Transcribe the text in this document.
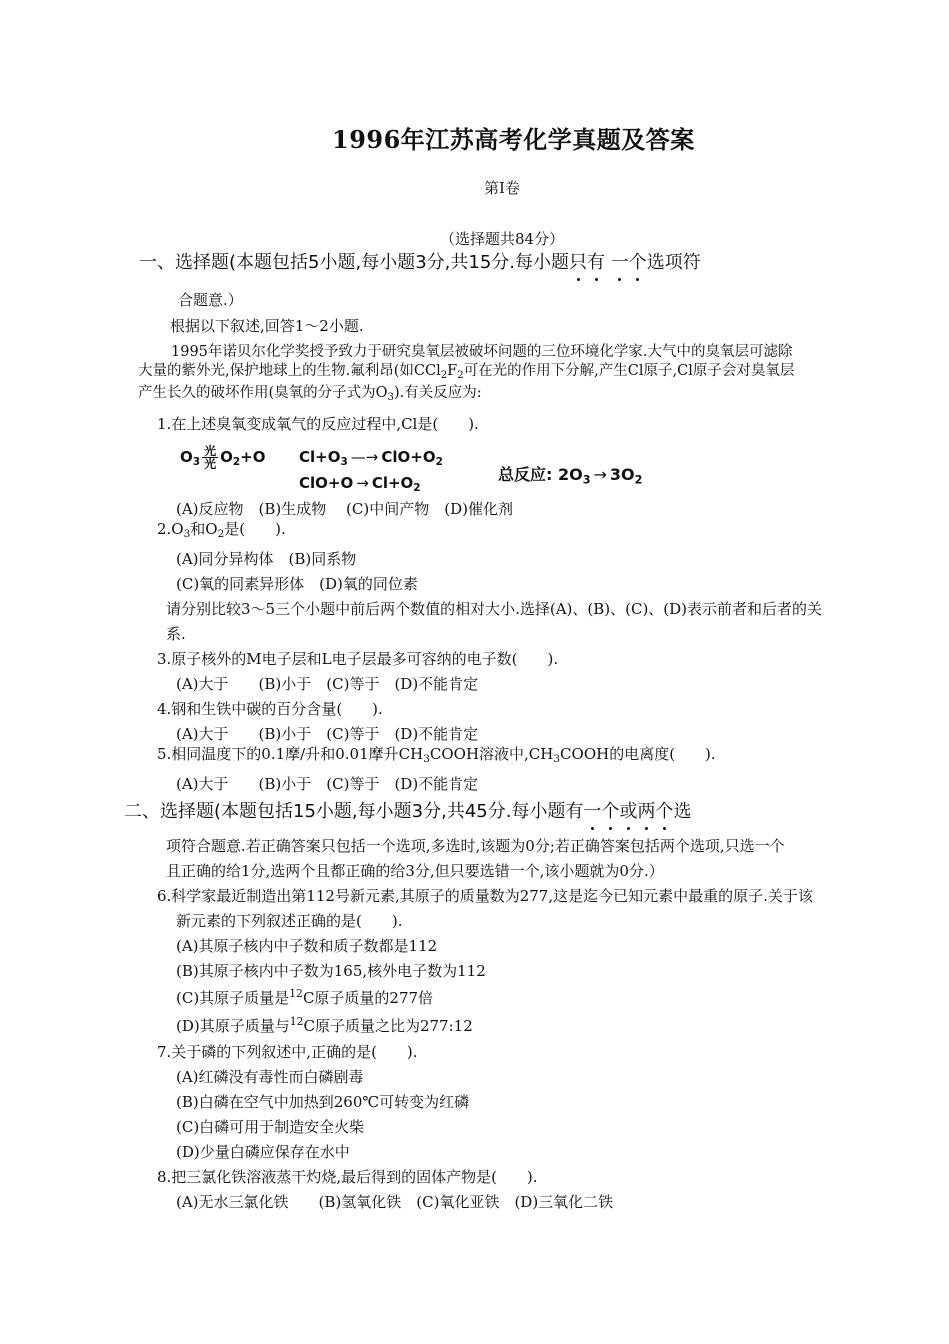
1996年江苏高考化学真题及答案
第I卷
（选择题共84分）
一、选择题(本题包括5小题,每小题3分,共15分.每小题只有 一个选项符
合题意.）
根据以下叙述,回答1～2小题.
1995年诺贝尔化学奖授予致力于研究臭氧层被破坏问题的三位环境化学家.大气中的臭氧层可滤除
大量的紫外光,保护地球上的生物.氟利昂(如$CCl_2F_2$可在光的作用下分解,产生Cl原子,Cl原子会对臭氧层
产生长久的破坏作用(臭氧的分子式为$O_3$).有关反应为:
1.在上述臭氧变成氧气的反应过程中,Cl是(　　).
$O_3 \frac{\text{光}}{\text{光}} O_2+O$ $Cl+O_3$ —→ $ClO+O_2$
$ClO+O \to Cl+O_2$
总反应: $2O_3 \to 3O_2$
(A)反应物　(B)生成物　 (C)中间产物　(D)催化剂
$2.O_3$和$O_2$是(　　).
(A)同分异构体　(B)同系物
(C)氧的同素异形体　(D)氧的同位素
请分别比较3～5三个小题中前后两个数值的相对大小.选择(A)、(B)、(C)、(D)表示前者和后者的关
系.
3.原子核外的M电子层和L电子层最多可容纳的电子数(　　).
(A)大于　　(B)小于　(C)等于　(D)不能肯定
4.钢和生铁中碳的百分含量(　　).
(A)大于　　(B)小于　(C)等于　(D)不能肯定
5.相同温度下的0.1摩/升和0.01摩升$CH_3COOH$溶液中$,CH_3COOH$的电离度(　　).
(A)大于　　(B)小于　(C)等于　(D)不能肯定
二、选择题(本题包括15小题,每小题3分,共45分.每小题有一个或两个选
项符合题意.若正确答案只包括一个选项,多选时,该题为0分;若正确答案包括两个选项,只选一个
且正确的给1分,选两个且都正确的给3分,但只要选错一个,该小题就为0分.）
6.科学家最近制造出第112号新元素,其原子的质量数为277,这是迄今已知元素中最重的原子.关于该
新元素的下列叙述正确的是(　　).
(A)其原子核内中子数和质子数都是112
(B)其原子核内中子数为165,核外电子数为112
(C)其原子质量是$^{12}$C原子质量的277倍
(D)其原子质量与$^{12}$C原子质量之比为277:12
7.关于磷的下列叙述中,正确的是(　　).
(A)红磷没有毒性而白磷剧毒
(B)白磷在空气中加热到260℃可转变为红磷
(C)白磷可用于制造安全火柴
(D)少量白磷应保存在水中
8.把三氯化铁溶液蒸干灼烧,最后得到的固体产物是(　　).
(A)无水三氯化铁　　(B)氢氧化铁　(C)氧化亚铁　(D)三氧化二铁
